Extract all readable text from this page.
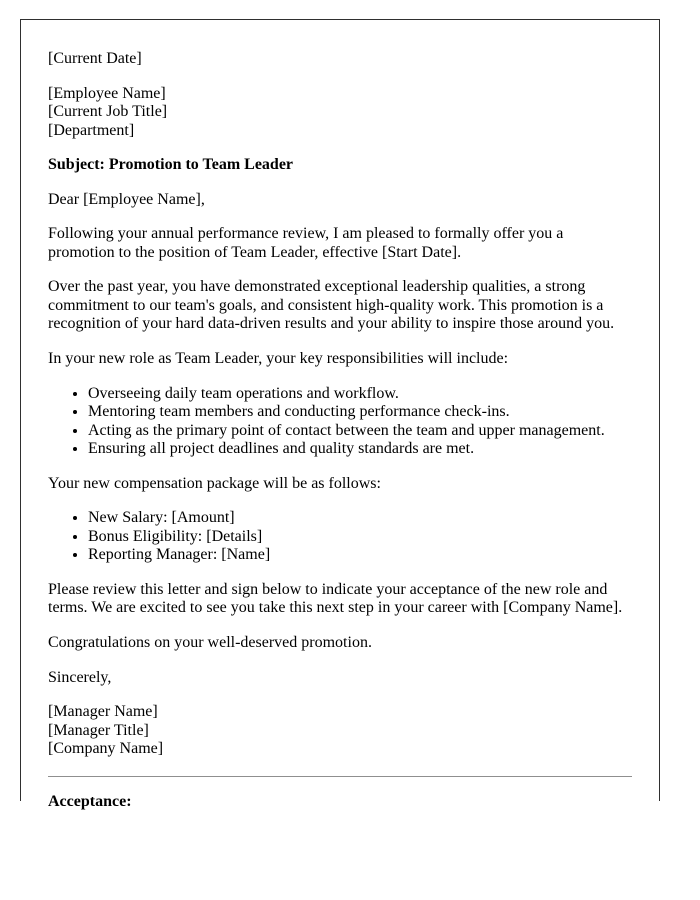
[Current Date]

[Employee Name]
[Current Job Title]
[Department]

Subject: Promotion to Team Leader

Dear [Employee Name],

Following your annual performance review, I am pleased to formally offer you a promotion to the position of Team Leader, effective [Start Date].

Over the past year, you have demonstrated exceptional leadership qualities, a strong commitment to our team's goals, and consistent high-quality work. This promotion is a recognition of your hard data-driven results and your ability to inspire those around you.

In your new role as Team Leader, your key responsibilities will include:

• Overseeing daily team operations and workflow.
• Mentoring team members and conducting performance check-ins.
• Acting as the primary point of contact between the team and upper management.
• Ensuring all project deadlines and quality standards are met.

Your new compensation package will be as follows:

• New Salary: [Amount]
• Bonus Eligibility: [Details]
• Reporting Manager: [Name]

Please review this letter and sign below to indicate your acceptance of the new role and terms. We are excited to see you take this next step in your career with [Company Name].

Congratulations on your well-deserved promotion.

Sincerely,

[Manager Name]
[Manager Title]
[Company Name]

Acceptance:
